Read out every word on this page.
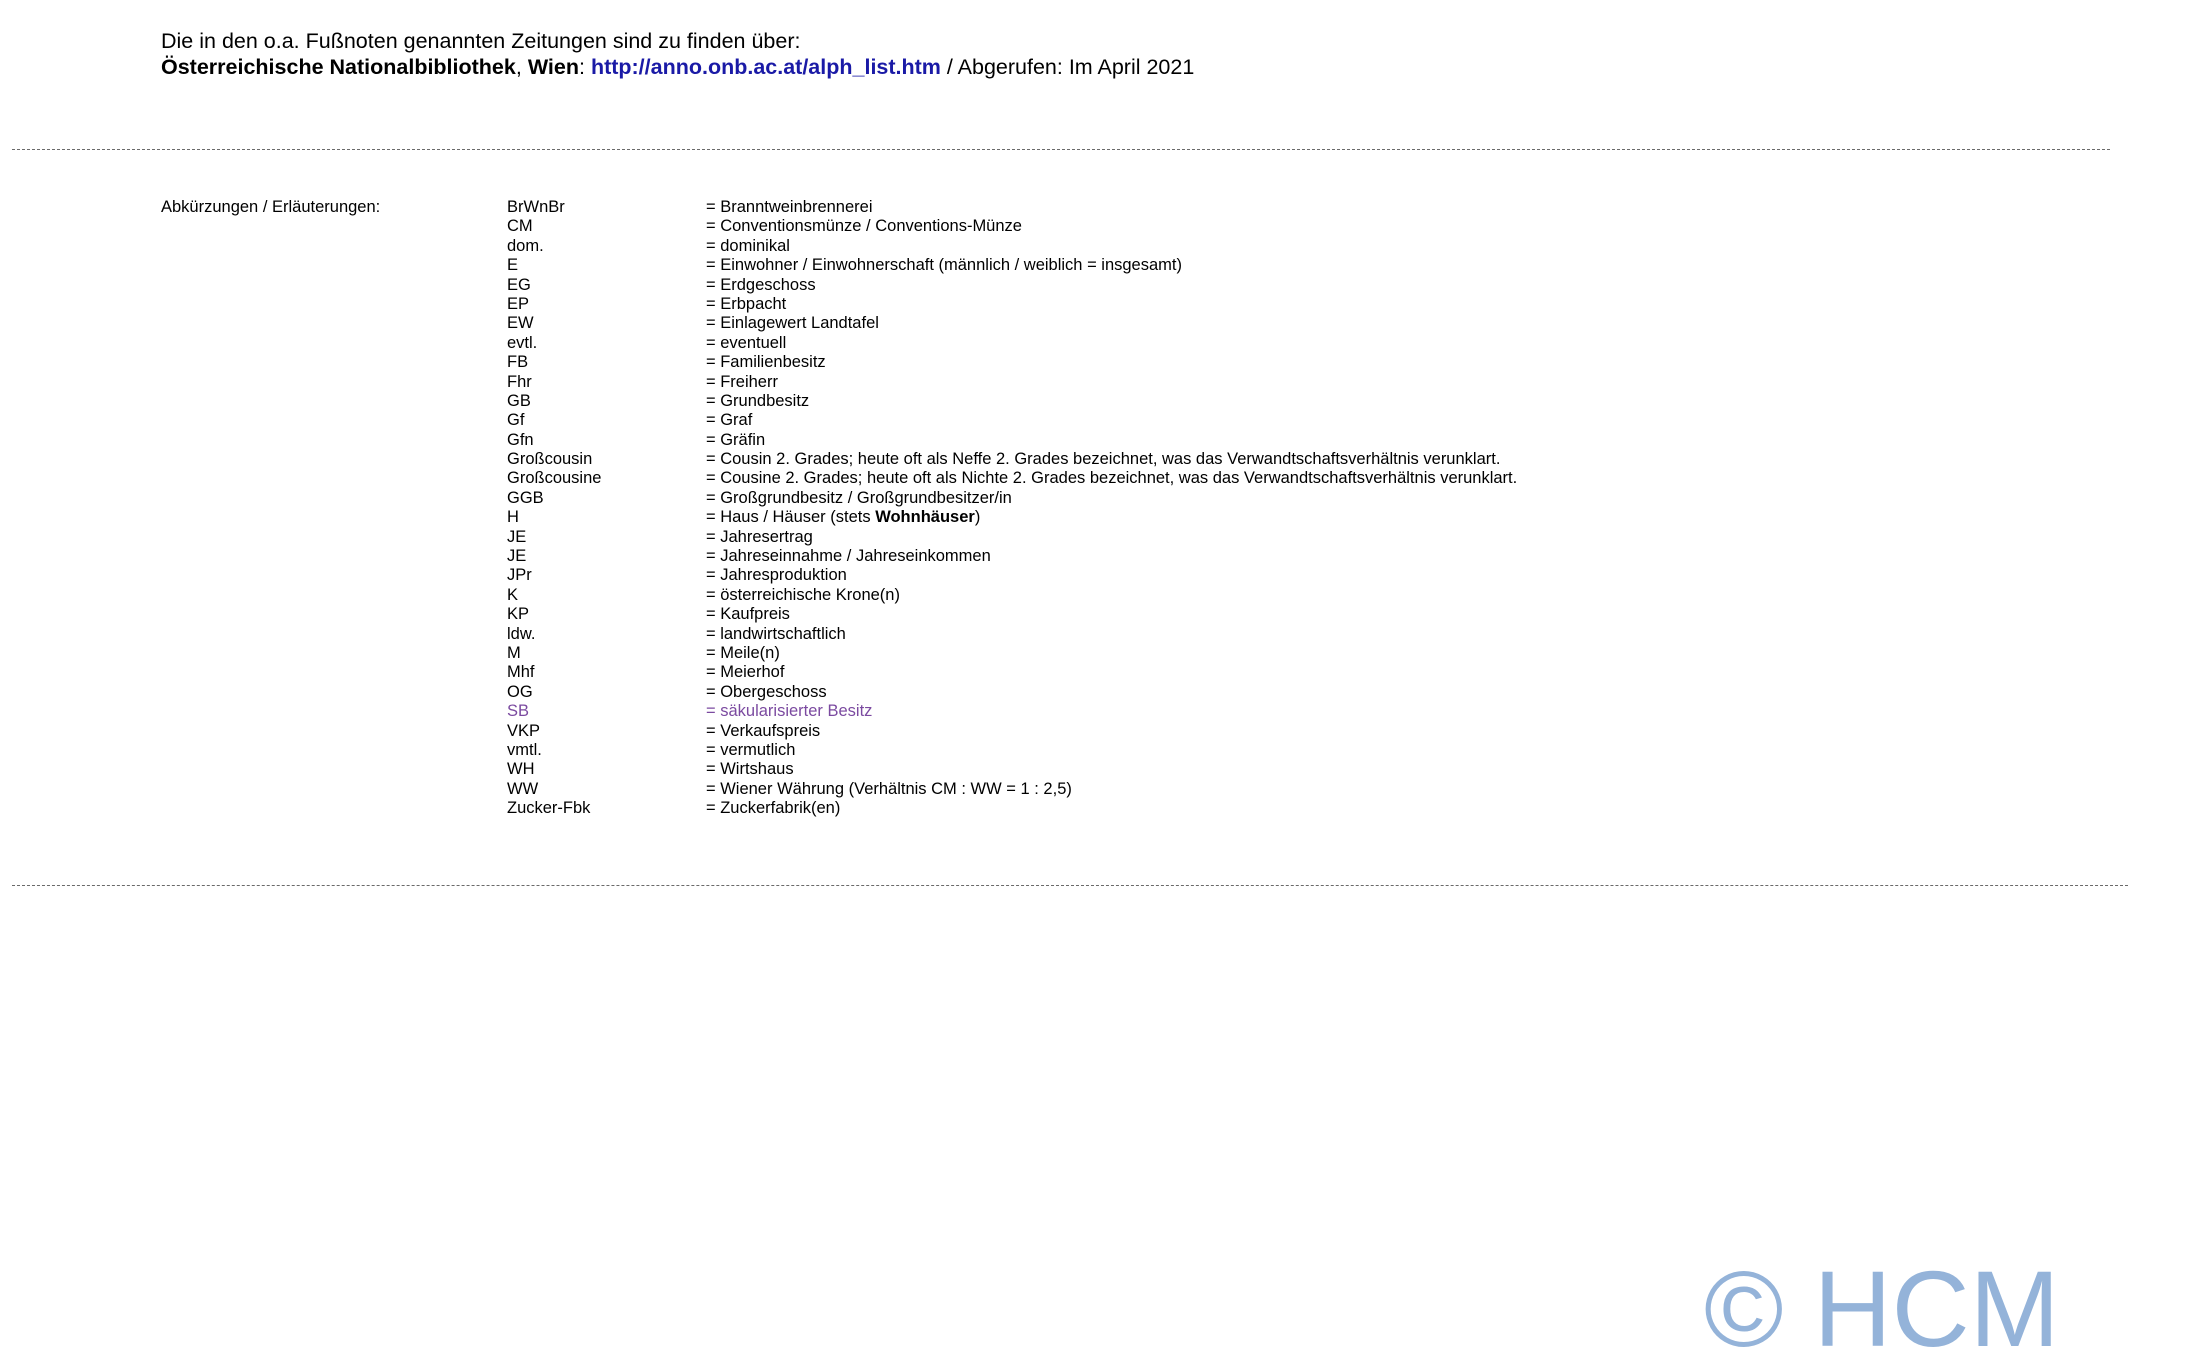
Die in den o.a. Fußnoten genannten Zeitungen sind zu finden über:
Österreichische Nationalbibliothek, Wien: http://anno.onb.ac.at/alph_list.htm / Abgerufen: Im April 2021
Abkürzungen / Erläuterungen:	BrWnBr	= Branntweinbrennerei
CM	= Conventionsmünze / Conventions-Münze
dom.	= dominikal
E	= Einwohner / Einwohnerschaft (männlich / weiblich = insgesamt)
EG	= Erdgeschoss
EP	= Erbpacht
EW	= Einlagewert Landtafel
evtl.	= eventuell
FB	= Familienbesitz
Fhr	= Freiherr
GB	= Grundbesitz
Gf	= Graf
Gfn	= Gräfin
Großcousin	= Cousin 2. Grades; heute oft als Neffe 2. Grades bezeichnet, was das Verwandtschaftsverhältnis verunklart.
Großcousine	= Cousine 2. Grades; heute oft als Nichte 2. Grades bezeichnet, was das Verwandtschaftsverhältnis verunklart.
GGB	= Großgrundbesitz / Großgrundbesitzer/in
H	= Haus / Häuser (stets Wohnhäuser)
JE	= Jahresertrag
JE	= Jahreseinnahme / Jahreseinkommen
JPr	= Jahresproduktion
K	= österreichische Krone(n)
KP	= Kaufpreis
ldw.	= landwirtschaftlich
M	= Meile(n)
Mhf	= Meierhof
OG	= Obergeschoss
SB	= säkularisierter Besitz
VKP	= Verkaufspreis
vmtl.	= vermutlich
WH	= Wirtshaus
WW	= Wiener Währung (Verhältnis CM : WW = 1 : 2,5)
Zucker-Fbk	= Zuckerfabrik(en)
© HCM
